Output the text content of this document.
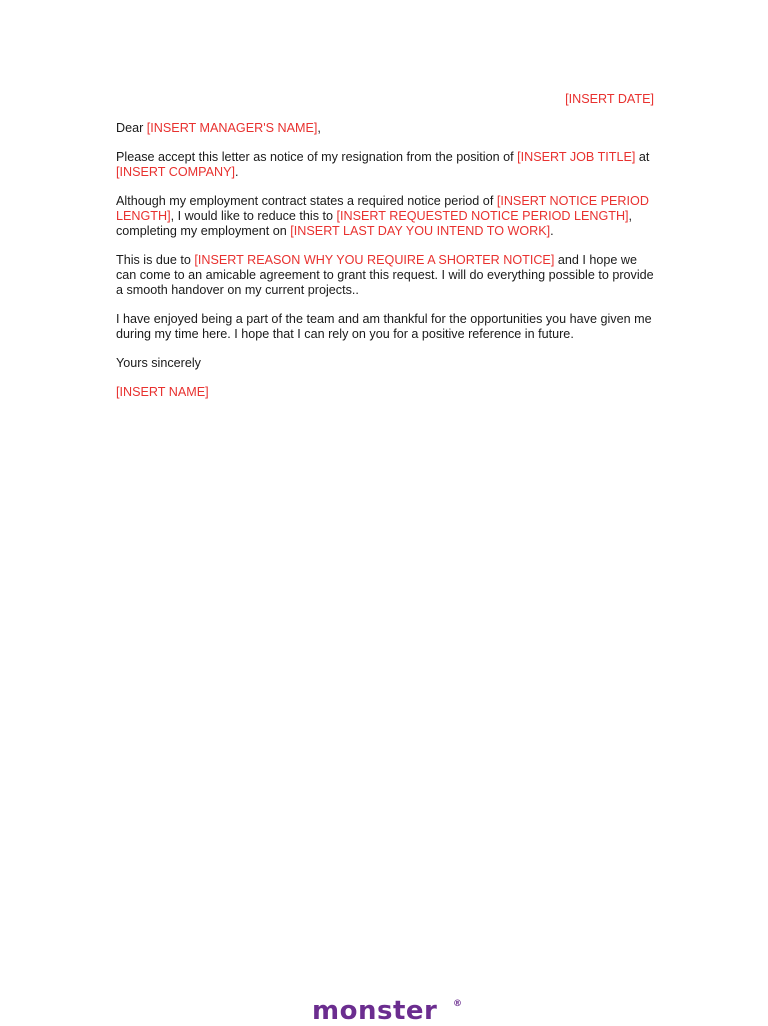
[INSERT DATE]

Dear [INSERT MANAGER'S NAME],

Please accept this letter as notice of my resignation from the position of [INSERT JOB TITLE] at [INSERT COMPANY].

Although my employment contract states a required notice period of [INSERT NOTICE PERIOD LENGTH], I would like to reduce this to [INSERT REQUESTED NOTICE PERIOD LENGTH], completing my employment on [INSERT LAST DAY YOU INTEND TO WORK].

This is due to [INSERT REASON WHY YOU REQUIRE A SHORTER NOTICE] and I hope we can come to an amicable agreement to grant this request. I will do everything possible to provide a smooth handover on my current projects..

I have enjoyed being a part of the team and am thankful for the opportunities you have given me during my time here. I hope that I can rely on you for a positive reference in future.

Yours sincerely

[INSERT NAME]

monster ®
